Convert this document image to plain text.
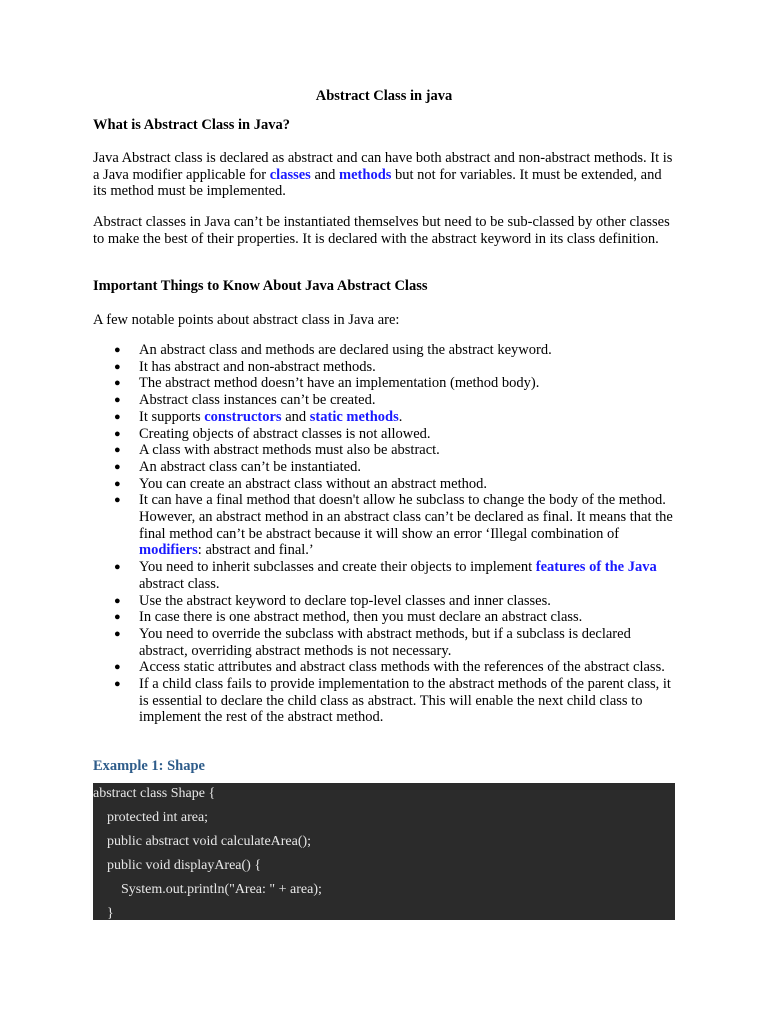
Abstract Class in java
What is Abstract Class in Java?

Java Abstract class is declared as abstract and can have both abstract and non-abstract methods. It is a Java modifier applicable for classes and methods but not for variables. It must be extended, and its method must be implemented.

Abstract classes in Java can’t be instantiated themselves but need to be sub-classed by other classes to make the best of their properties. It is declared with the abstract keyword in its class definition.

Important Things to Know About Java Abstract Class

A few notable points about abstract class in Java are:

● An abstract class and methods are declared using the abstract keyword.
● It has abstract and non-abstract methods.
● The abstract method doesn’t have an implementation (method body).
● Abstract class instances can’t be created.
● It supports constructors and static methods.
● Creating objects of abstract classes is not allowed.
● A class with abstract methods must also be abstract.
● An abstract class can’t be instantiated.
● You can create an abstract class without an abstract method.
● It can have a final method that doesn't allow he subclass to change the body of the method. However, an abstract method in an abstract class can’t be declared as final. It means that the final method can’t be abstract because it will show an error ‘Illegal combination of modifiers: abstract and final.’
● You need to inherit subclasses and create their objects to implement features of the Java abstract class.
● Use the abstract keyword to declare top-level classes and inner classes.
● In case there is one abstract method, then you must declare an abstract class.
● You need to override the subclass with abstract methods, but if a subclass is declared abstract, overriding abstract methods is not necessary.
● Access static attributes and abstract class methods with the references of the abstract class.
● If a child class fails to provide implementation to the abstract methods of the parent class, it is essential to declare the child class as abstract. This will enable the next child class to implement the rest of the abstract method.
Example 1: Shape
abstract class Shape {
protected int area;
public abstract void calculateArea();
public void displayArea() {
System.out.println("Area: " + area);
}
